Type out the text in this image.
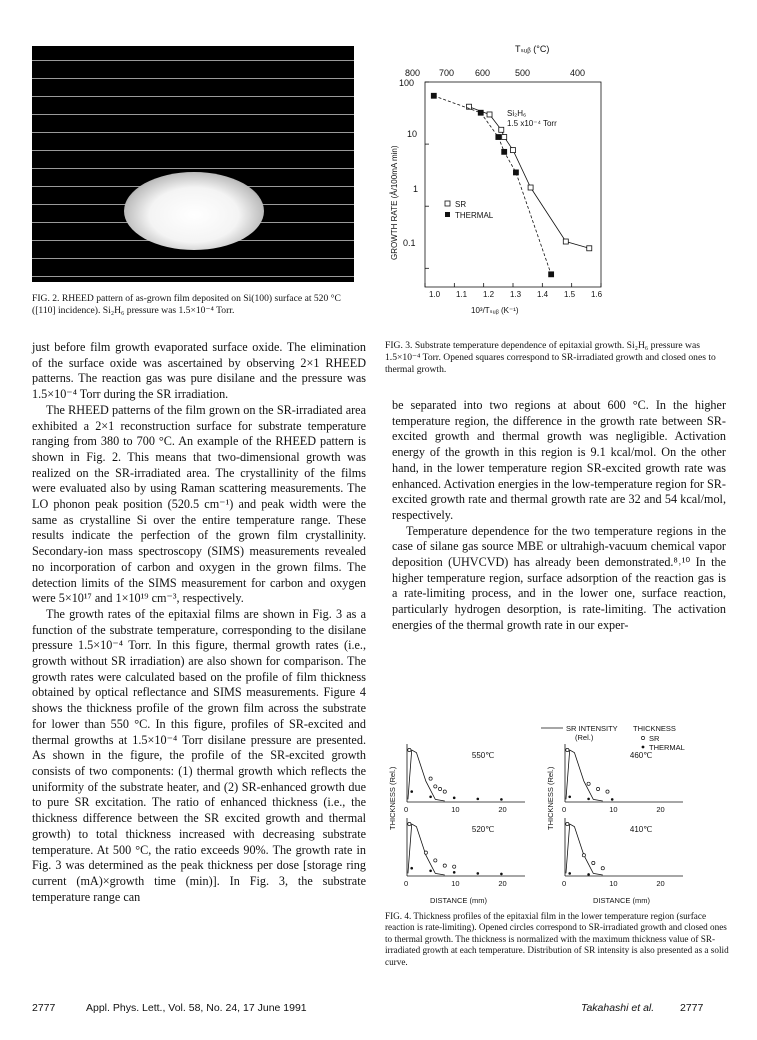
FIG. 2. RHEED pattern of as-grown film deposited on Si(100) surface at 520 °C ([110] incidence). Si₂H₆ pressure was 1.5×10⁻⁴ Torr.
Tₛᵤᵦ (°C)
800 700 600	500	400
100
10
1
0.1
GROWTH RATE (Å/100mA min)
1.0 1.1 1.2 1.3 1.4 1.5 1.6
10³/Tₛᵤᵦ (K⁻¹)
Si₂H₆
1.5 x10⁻⁴ Torr
SR
THERMAL
FIG. 3. Substrate temperature dependence of epitaxial growth. Si₂H₆ pressure was 1.5×10⁻⁴ Torr. Opened squares correspond to SR-irradiated growth and closed ones to thermal growth.

just before film growth evaporated surface oxide. The elimination of the surface oxide was ascertained by observing 2×1 RHEED patterns. The reaction gas was pure disilane and the pressure was 1.5×10⁻⁴ Torr during the SR irradiation.

The RHEED patterns of the film grown on the SR-irradiated area exhibited a 2×1 reconstruction surface for substrate temperature ranging from 380 to 700 °C. An example of the RHEED pattern is shown in Fig. 2. This means that two-dimensional growth was realized on the SR-irradiated area. The crystallinity of the films were evaluated also by using Raman scattering measurements. The LO phonon peak position (520.5 cm⁻¹) and peak width were the same as crystalline Si over the entire temperature range. These results indicate the perfection of the grown film crystallinity. Secondary-ion mass spectroscopy (SIMS) measurements revealed no incorporation of carbon and oxygen in the grown films. The detection limits of the SIMS measurement for carbon and oxygen were 5×10¹⁷ and 1×10¹⁹ cm⁻³, respectively.

The growth rates of the epitaxial films are shown in Fig. 3 as a function of the substrate temperature, corresponding to the disilane pressure 1.5×10⁻⁴ Torr. In this figure, thermal growth rates (i.e., growth without SR irradiation) are also shown for comparison. The growth rates were calculated based on the profile of film thickness obtained by optical reflectance and SIMS measurements. Figure 4 shows the thickness profile of the grown film across the substrate for lower than 550 °C. In this figure, profiles of SR-excited and thermal growths at 1.5×10⁻⁴ Torr disilane pressure are presented. As shown in the figure, the profile of the SR-excited growth consists of two components: (1) thermal growth which reflects the uniformity of the substrate heater, and (2) SR-enhanced growth due to pure SR excitation. The ratio of enhanced thickness (i.e., the thickness difference between the SR excited growth and thermal growth) to total thickness increased with decreasing substrate temperature. At 500 °C, the ratio exceeds 90%. The growth rate in Fig. 3 was determined as the peak thickness per dose [storage ring current (mA)×growth time (min)]. In Fig. 3, the substrate temperature range can

be separated into two regions at about 600 °C. In the higher temperature region, the difference in the growth rate between SR-excited growth and thermal growth was negligible. Activation energy of the growth in this region is 9.1 kcal/mol. On the other hand, in the lower temperature region SR-excited growth rate was enhanced. Activation energies in the low-temperature region for SR-excited growth rate and thermal growth rate are 32 and 54 kcal/mol, respectively.

Temperature dependence for the two temperature regions in the case of silane gas source MBE or ultrahigh-vacuum chemical vapor deposition (UHVCVD) has already been demonstrated.⁸˒¹⁰ In the higher temperature region, surface adsorption of the reaction gas is a rate-limiting process, and in the lower one, surface reaction, particularly hydrogen desorption, is rate-limiting. The activation energies of the thermal growth rate in our exper-

SR INTENSITY
(Rel.)
THICKNESS
SR
THERMAL
THICKNESS (Rel.)	THICKNESS (Rel.)
550℃
0	10	20
520℃
0	10	20
460℃
0	10	20
410℃
0	10	20
DISTANCE (mm)	DISTANCE (mm)
FIG. 4. Thickness profiles of the epitaxial film in the lower temperature region (surface reaction is rate-limiting). Opened circles correspond to SR-irradiated growth and closed ones to thermal growth. The thickness is normalized with the maximum thickness value of SR-irradiated growth at each temperature. Distribution of SR intensity is also presented as a solid curve.
2777	Appl. Phys. Lett., Vol. 58, No. 24, 17 June 1991	Takahashi et al. 2777
